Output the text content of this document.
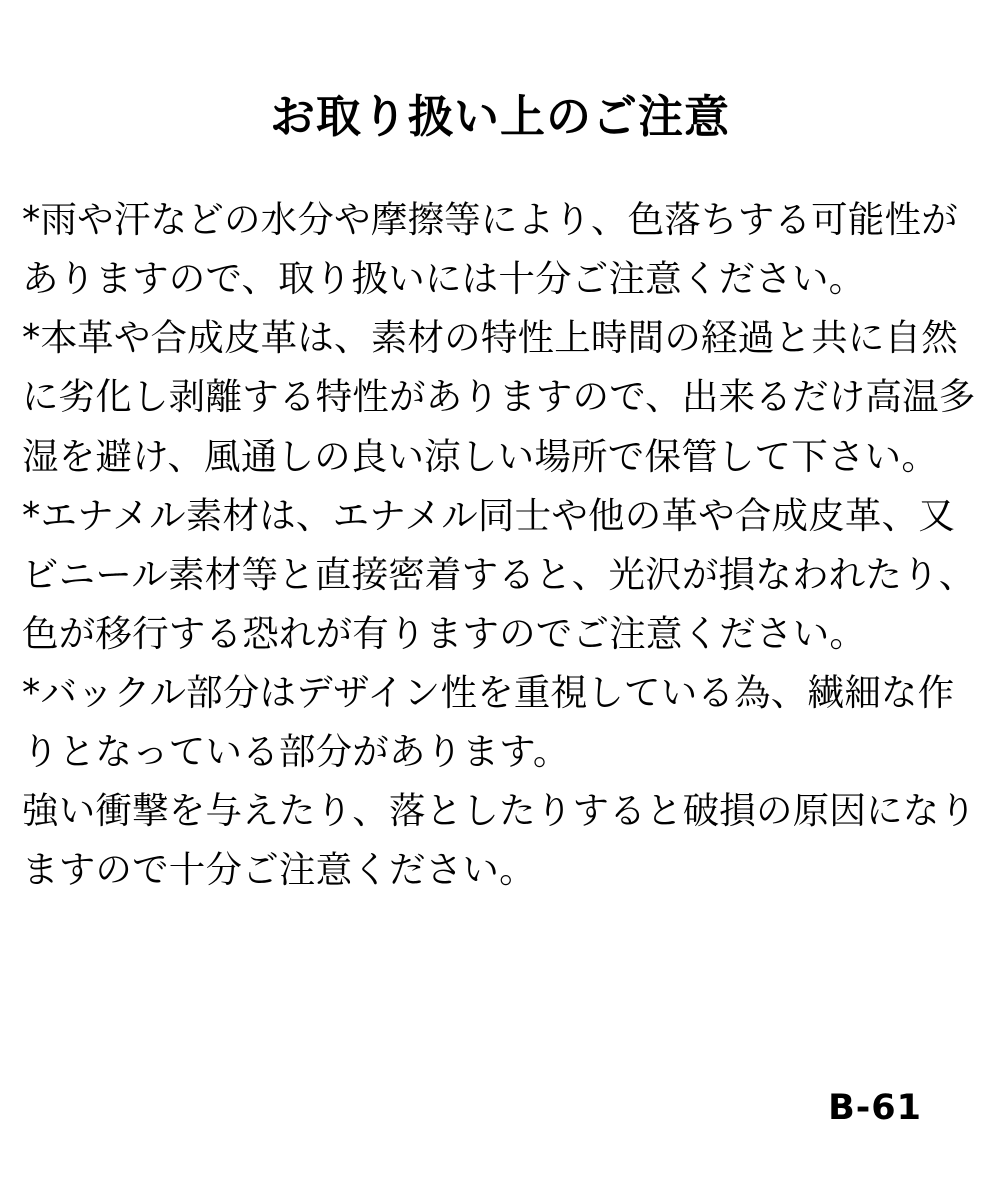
お取り扱い上のご注意

*雨や汗などの水分や摩擦等により、色落ちする可能性がありますので、取り扱いには十分ご注意ください。

*本革や合成皮革は、素材の特性上時間の経過と共に自然に劣化し剥離する特性がありますので、出来るだけ高温多湿を避け、風通しの良い涼しい場所で保管して下さい。

*エナメル素材は、エナメル同士や他の革や合成皮革、又ビニール素材等と直接密着すると、光沢が損なわれたり、色が移行する恐れが有りますのでご注意ください。

*バックル部分はデザイン性を重視している為、繊細な作りとなっている部分があります。

強い衝撃を与えたり、落としたりすると破損の原因になりますので十分ご注意ください。

B-61
